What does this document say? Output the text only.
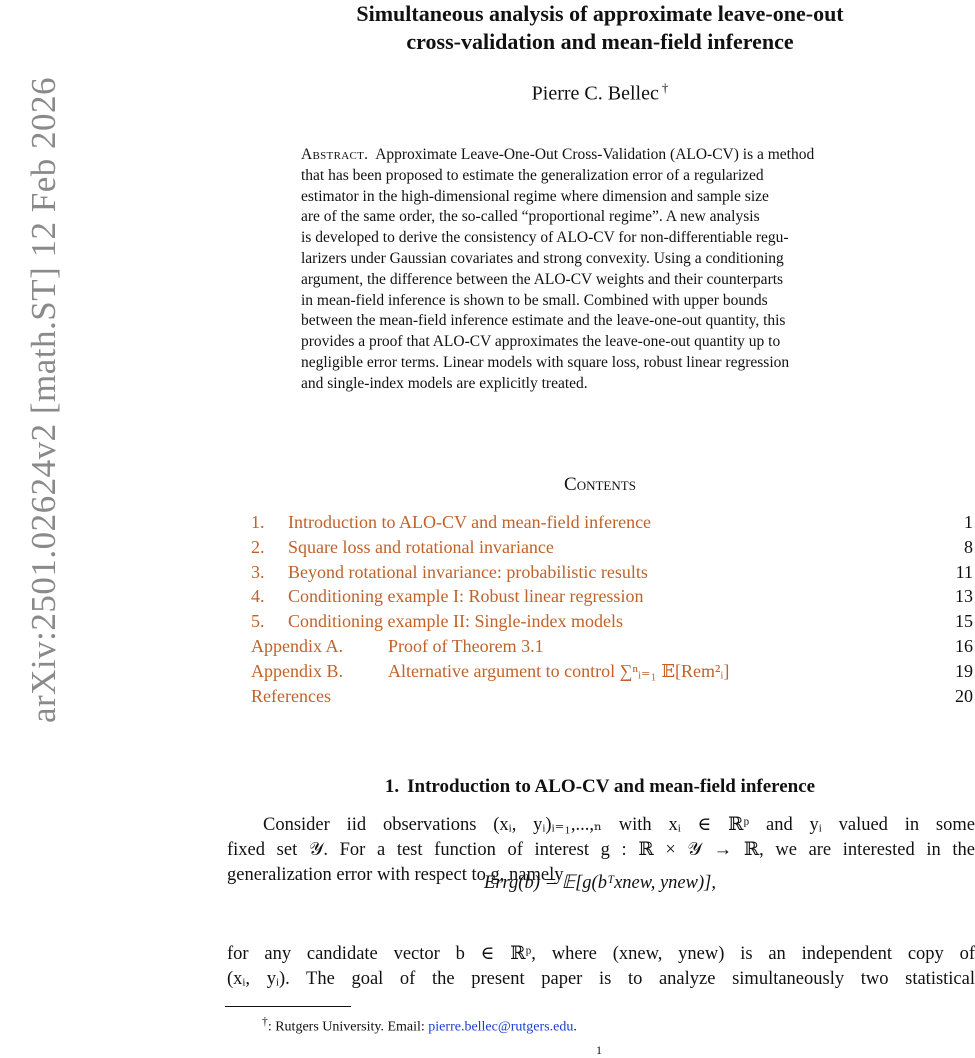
arXiv:2501.02624v2 [math.ST] 12 Feb 2026
Simultaneous analysis of approximate leave-one-out
cross-validation and mean-field inference
Pierre C. Bellec †
Abstract. Approximate Leave-One-Out Cross-Validation (ALO-CV) is a method
that has been proposed to estimate the generalization error of a regularized
estimator in the high-dimensional regime where dimension and sample size
are of the same order, the so-called “proportional regime”. A new analysis
is developed to derive the consistency of ALO-CV for non-differentiable regu-
larizers under Gaussian covariates and strong convexity. Using a conditioning
argument, the difference between the ALO-CV weights and their counterparts
in mean-field inference is shown to be small. Combined with upper bounds
between the mean-field inference estimate and the leave-one-out quantity, this
provides a proof that ALO-CV approximates the leave-one-out quantity up to
negligible error terms. Linear models with square loss, robust linear regression
and single-index models are explicitly treated.
Contents
1. Introduction to ALO-CV and mean-field inference	1
2. Square loss and rotational invariance	8
3. Beyond rotational invariance: probabilistic results	11
4. Conditioning example I: Robust linear regression	13
5. Conditioning example II: Single-index models	15
Appendix A.	Proof of Theorem 3.1	16
Appendix B.	Alternative argument to control ∑ⁿᵢ₌₁ 𝔼[Rem²ᵢ]	19
References	20
1. Introduction to ALO-CV and mean-field inference
Consider iid observations (xᵢ, yᵢ)ᵢ₌₁,...,ₙ with xᵢ ∈ ℝᵖ and yᵢ valued in some
fixed set 𝒴. For a test function of interest g : ℝ × 𝒴 → ℝ, we are interested in the
generalization error with respect to g, namely
Errg(b) = 𝔼[g(bᵀxnew, ynew)],
for any candidate vector b ∈ ℝᵖ, where (xnew, ynew) is an independent copy of
(xᵢ, yᵢ). The goal of the present paper is to analyze simultaneously two statistical
†: Rutgers University. Email: pierre.bellec@rutgers.edu.
1
